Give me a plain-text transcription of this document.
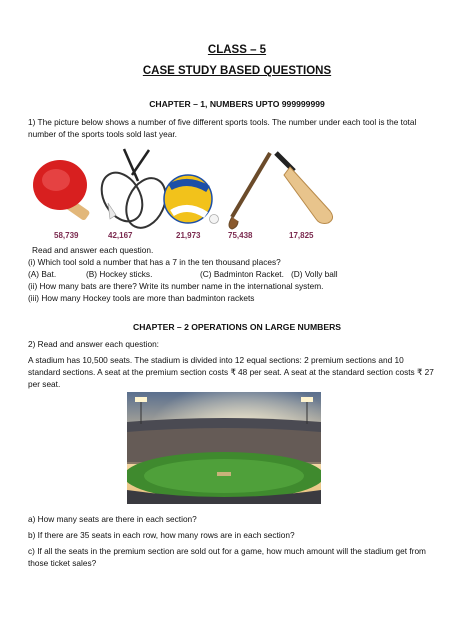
CLASS – 5
CASE STUDY BASED QUESTIONS
CHAPTER – 1, NUMBERS UPTO 999999999
1) The picture below shows a number of five different sports tools. The number under each tool is the total
number of the sports tools sold last year.
58,739	42,167	21,973	75,438	17,825
Read and answer each question.
(i) Which tool sold a number that has a 7 in the ten thousand places?
(A) Bat.	(B) Hockey sticks.	(C) Badminton Racket. (D) Volly ball
(ii) How many bats are there? Write its number name in the international system.
(iii) How many Hockey tools are more than badminton rackets
CHAPTER – 2 OPERATIONS ON LARGE NUMBERS
2) Read and answer each question:
A stadium has 10,500 seats. The stadium is divided into 12 equal sections: 2 premium sections and 10
standard sections. A seat at the premium section costs ₹ 48 per seat. A seat at the standard section costs ₹ 27
per seat.
a) How many seats are there in each section?
b) If there are 35 seats in each row, how many rows are in each section?
c) If all the seats in the premium section are sold out for a game, how much amount will the stadium get from
those ticket sales?
